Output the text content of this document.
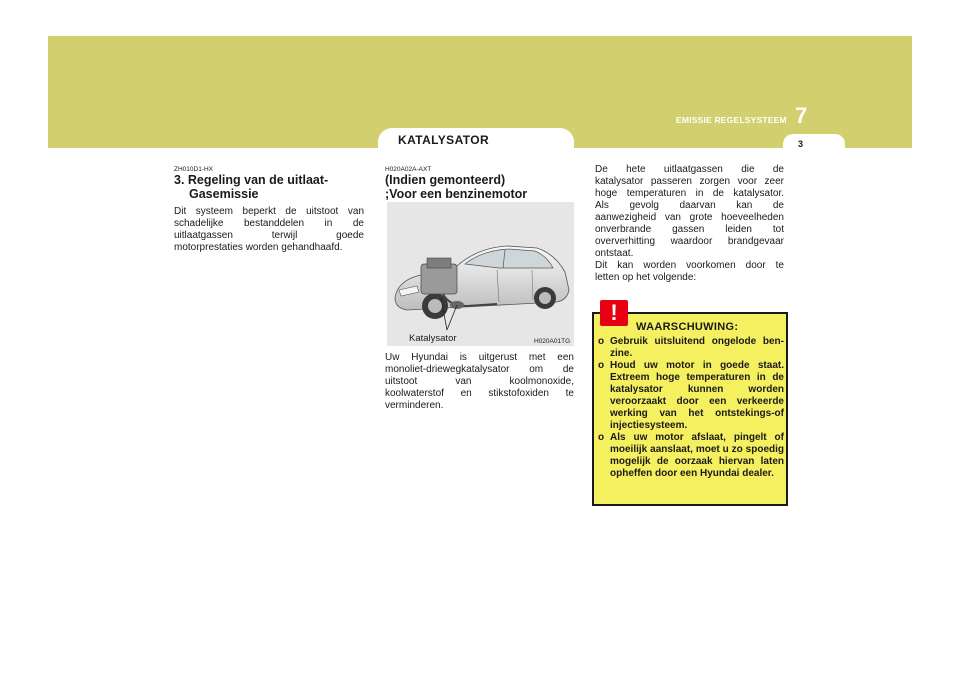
7
EMISSIE REGELSYSTEEM
3
KATALYSATOR
ZH010D1-HX
3. Regeling van de uitlaat-
Gasemissie
Dit systeem beperkt de uitstoot van
schadelijke bestanddelen in de
uitlaatgassen terwijl goede
motorprestaties worden gehandhaafd.
H020A02A-AXT
(Indien gemonteerd)
;Voor een benzinemotor
Katalysator	H020A01TG
Uw Hyundai is uitgerust met een
monoliet-driewegkatalysator om de
uitstoot van koolmonoxide,
koolwaterstof en stikstofoxiden te
verminderen.
De hete uitlaatgassen die de
katalysator passeren zorgen voor zeer
hoge temperaturen in de katalysator.
Als gevolg daarvan kan de
aanwezigheid van grote hoeveelheden
onverbrande gassen leiden tot
oververhitting waardoor brandgevaar
ontstaat.
Dit kan worden voorkomen door te
letten op het volgende:
!
WAARSCHUWING:
o Gebruik uitsluitend ongelode ben- zine.
o Houd uw motor in goede staat. Extreem hoge temperaturen in de katalysator kunnen worden veroorzaakt door een verkeerde werking van het ontstekings-of injectiesysteem.
o Als uw motor afslaat, pingelt of moeilijk aanslaat, moet u zo spoedig mogelijk de oorzaak hiervan laten opheffen door een Hyundai dealer.
